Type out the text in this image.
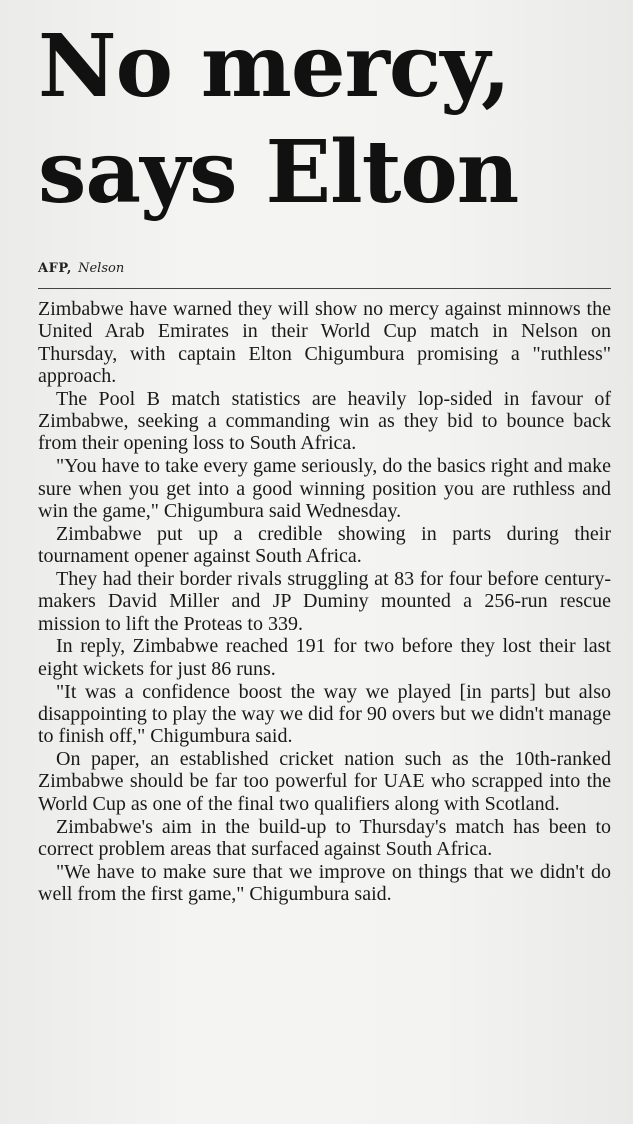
No mercy,
says Elton
AFP, Nelson

Zimbabwe have warned they will show no mercy against minnows the United Arab Emirates in their World Cup match in Nelson on Thursday, with captain Elton Chigumbura promising a "ruthless" approach.

The Pool B match statistics are heavily lop-sided in favour of Zimbabwe, seeking a commanding win as they bid to bounce back from their opening loss to South Africa.

"You have to take every game seriously, do the basics right and make sure when you get into a good winning position you are ruthless and win the game," Chigumbura said Wednesday.

Zimbabwe put up a credible showing in parts during their tournament opener against South Africa.

They had their border rivals struggling at 83 for four before century-makers David Miller and JP Duminy mounted a 256-run rescue mission to lift the Proteas to 339.

In reply, Zimbabwe reached 191 for two before they lost their last eight wickets for just 86 runs.

"It was a confidence boost the way we played [in parts] but also disappointing to play the way we did for 90 overs but we didn't manage to finish off," Chigumbura said.

On paper, an established cricket nation such as the 10th-ranked Zimbabwe should be far too powerful for UAE who scrapped into the World Cup as one of the final two qualifiers along with Scotland.

Zimbabwe's aim in the build-up to Thursday's match has been to correct problem areas that surfaced against South Africa.

"We have to make sure that we improve on things that we didn't do well from the first game," Chigumbura said.
